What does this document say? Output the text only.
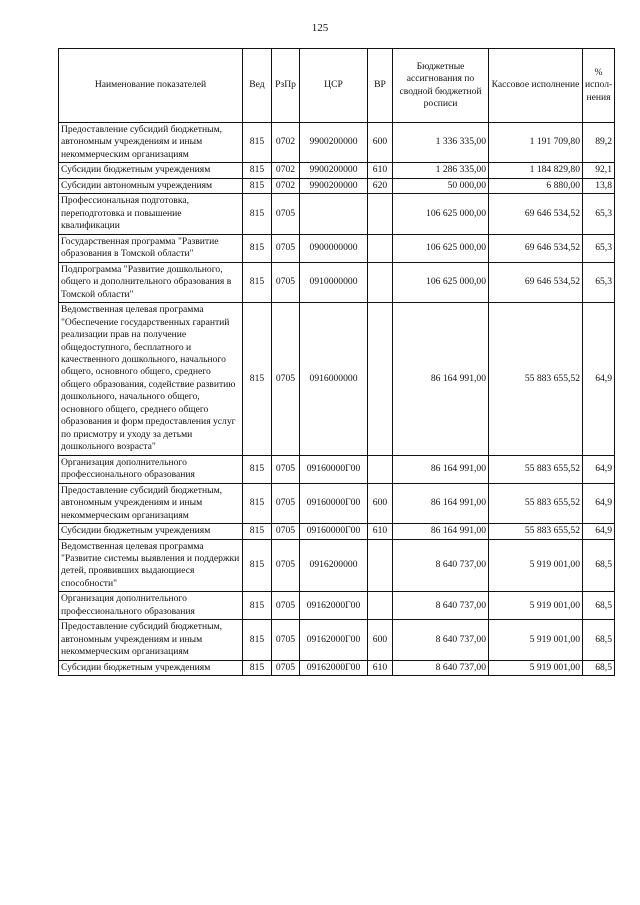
125
Наименование показателей	Вед	РзПр	ЦСР	ВР	Бюджетные ассигнования по сводной бюджетной росписи	Кассовое исполнение	% испол-нения
Предоставление субсидий бюджетным, автономным учреждениям и иным некоммерческим организациям	815	0702	9900200000	600	1 336 335,00	1 191 709,80	89,2
Субсидии бюджетным учреждениям	815	0702	9900200000	610	1 286 335,00	1 184 829,80	92,1
Субсидии автономным учреждениям	815	0702	9900200000	620	50 000,00	6 880,00	13,8
Профессиональная подготовка, переподготовка и повышение квалификации	815	0705			106 625 000,00	69 646 534,52	65,3
Государственная программа "Развитие образования в Томской области"	815	0705	0900000000		106 625 000,00	69 646 534,52	65,3
Подпрограмма "Развитие дошкольного, общего и дополнительного образования в Томской области"	815	0705	0910000000		106 625 000,00	69 646 534,52	65,3
Ведомственная целевая программа "Обеспечение государственных гарантий реализации прав на получение общедоступного, бесплатного и качественного дошкольного, начального общего, основного общего, среднего общего образования, содействие развитию дошкольного, начального общего, основного общего, среднего общего образования и форм предоставления услуг по присмотру и уходу за детьми дошкольного возраста"	815	0705	0916000000		86 164 991,00	55 883 655,52	64,9
Организация дополнительного профессионального образования	815	0705	09160000Г00		86 164 991,00	55 883 655,52	64,9
Предоставление субсидий бюджетным, автономным учреждениям и иным некоммерческим организациям	815	0705	09160000Г00	600	86 164 991,00	55 883 655,52	64,9
Субсидии бюджетным учреждениям	815	0705	09160000Г00	610	86 164 991,00	55 883 655,52	64,9
Ведомственная целевая программа "Развитие системы выявления и поддержки детей, проявивших выдающиеся способности"	815	0705	0916200000		8 640 737,00	5 919 001,00	68,5
Организация дополнительного профессионального образования	815	0705	09162000Г00		8 640 737,00	5 919 001,00	68,5
Предоставление субсидий бюджетным, автономным учреждениям и иным некоммерческим организациям	815	0705	09162000Г00	600	8 640 737,00	5 919 001,00	68,5
Субсидии бюджетным учреждениям	815	0705	09162000Г00	610	8 640 737,00	5 919 001,00	68,5
